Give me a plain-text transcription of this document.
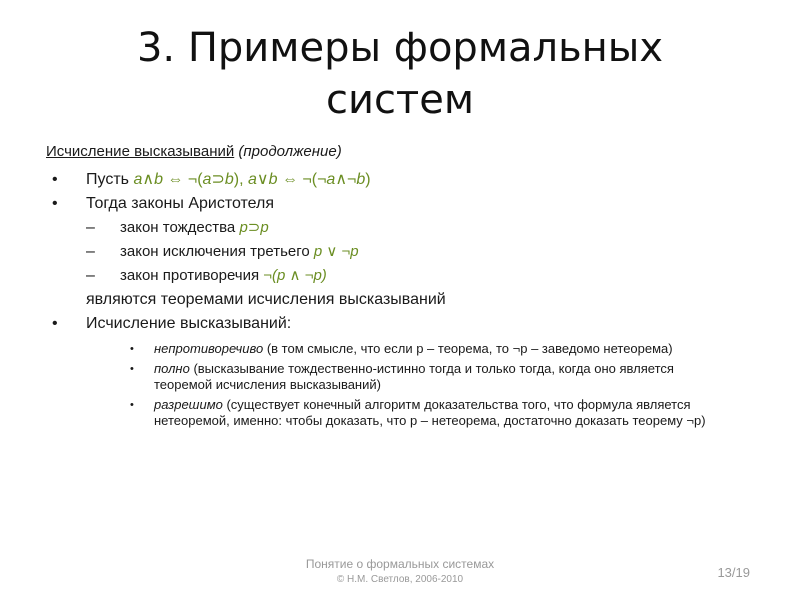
3. Примеры формальных
систем
Исчисление высказываний (продолжение)
• Пусть a∧b ⇔ ¬(a⊃b), a∨b ⇔ ¬(¬a∧¬b)
• Тогда законы Аристотеля
– закон тождества p⊃p
– закон исключения третьего p ∨ ¬p
– закон противоречия ¬(p ∧ ¬p)
являются теоремами исчисления высказываний
• Исчисление высказываний:
• непротиворечиво (в том смысле, что если p – теорема, то ¬p – заведомо нетеорема)
• полно (высказывание тождественно-истинно тогда и только тогда, когда оно является теоремой исчисления высказываний)
• разрешимо (существует конечный алгоритм доказательства того, что формула является нетеоремой, именно: чтобы доказать, что p – нетеорема, достаточно доказать теорему ¬p)
Понятие о формальных системах
© Н.М. Светлов, 2006-2010	13/19
